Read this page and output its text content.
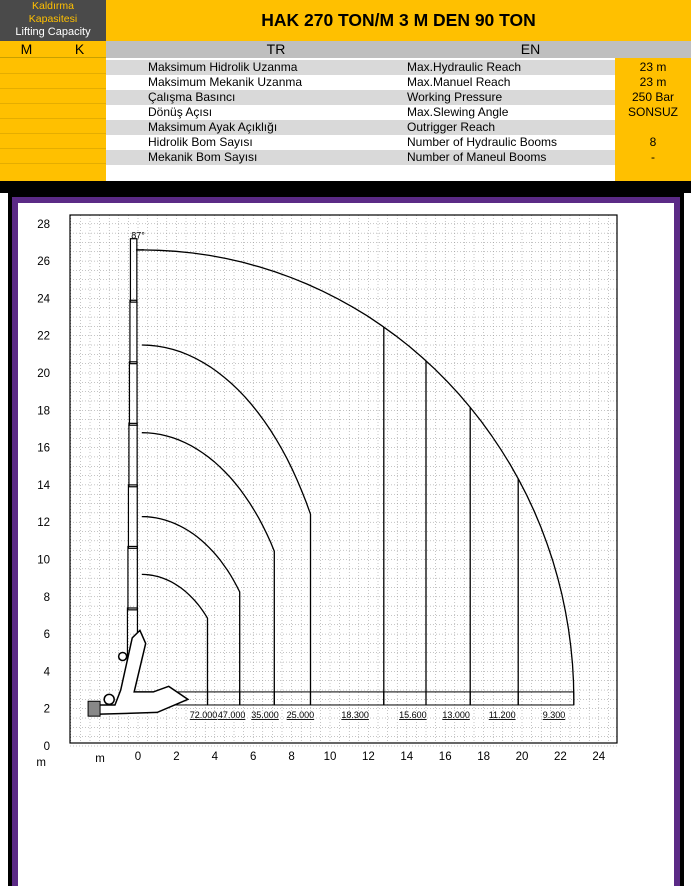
Kaldırma
Kapasitesi
Lifting Capacity
HAK 270 TON/M 3 M DEN 90 TON
M	K	TR	EN
Maksimum Hidrolik Uzanma	Max.Hydraulic Reach	23 m
Maksimum Mekanik Uzanma	Max.Manuel Reach	23 m
Çalışma Basıncı	Working Pressure	250 Bar
Dönüş Açısı	Max.Slewing Angle	SONSUZ
Maksimum Ayak Açıklığı	Outrigger Reach
Hidrolik Bom Sayısı	Number of Hydraulic Booms	8
Mekanik Bom Sayısı	Number of Maneul Booms	-
87°
0
2
4
6
8
10
12
14
16
18
20
22
24
26
28
0	2	4	6	8	10 12 14 16 18 20 22 24
m
m
72.000 47.000 35.000 25.000	18.300	15.600 13.000 11.200	9.300
